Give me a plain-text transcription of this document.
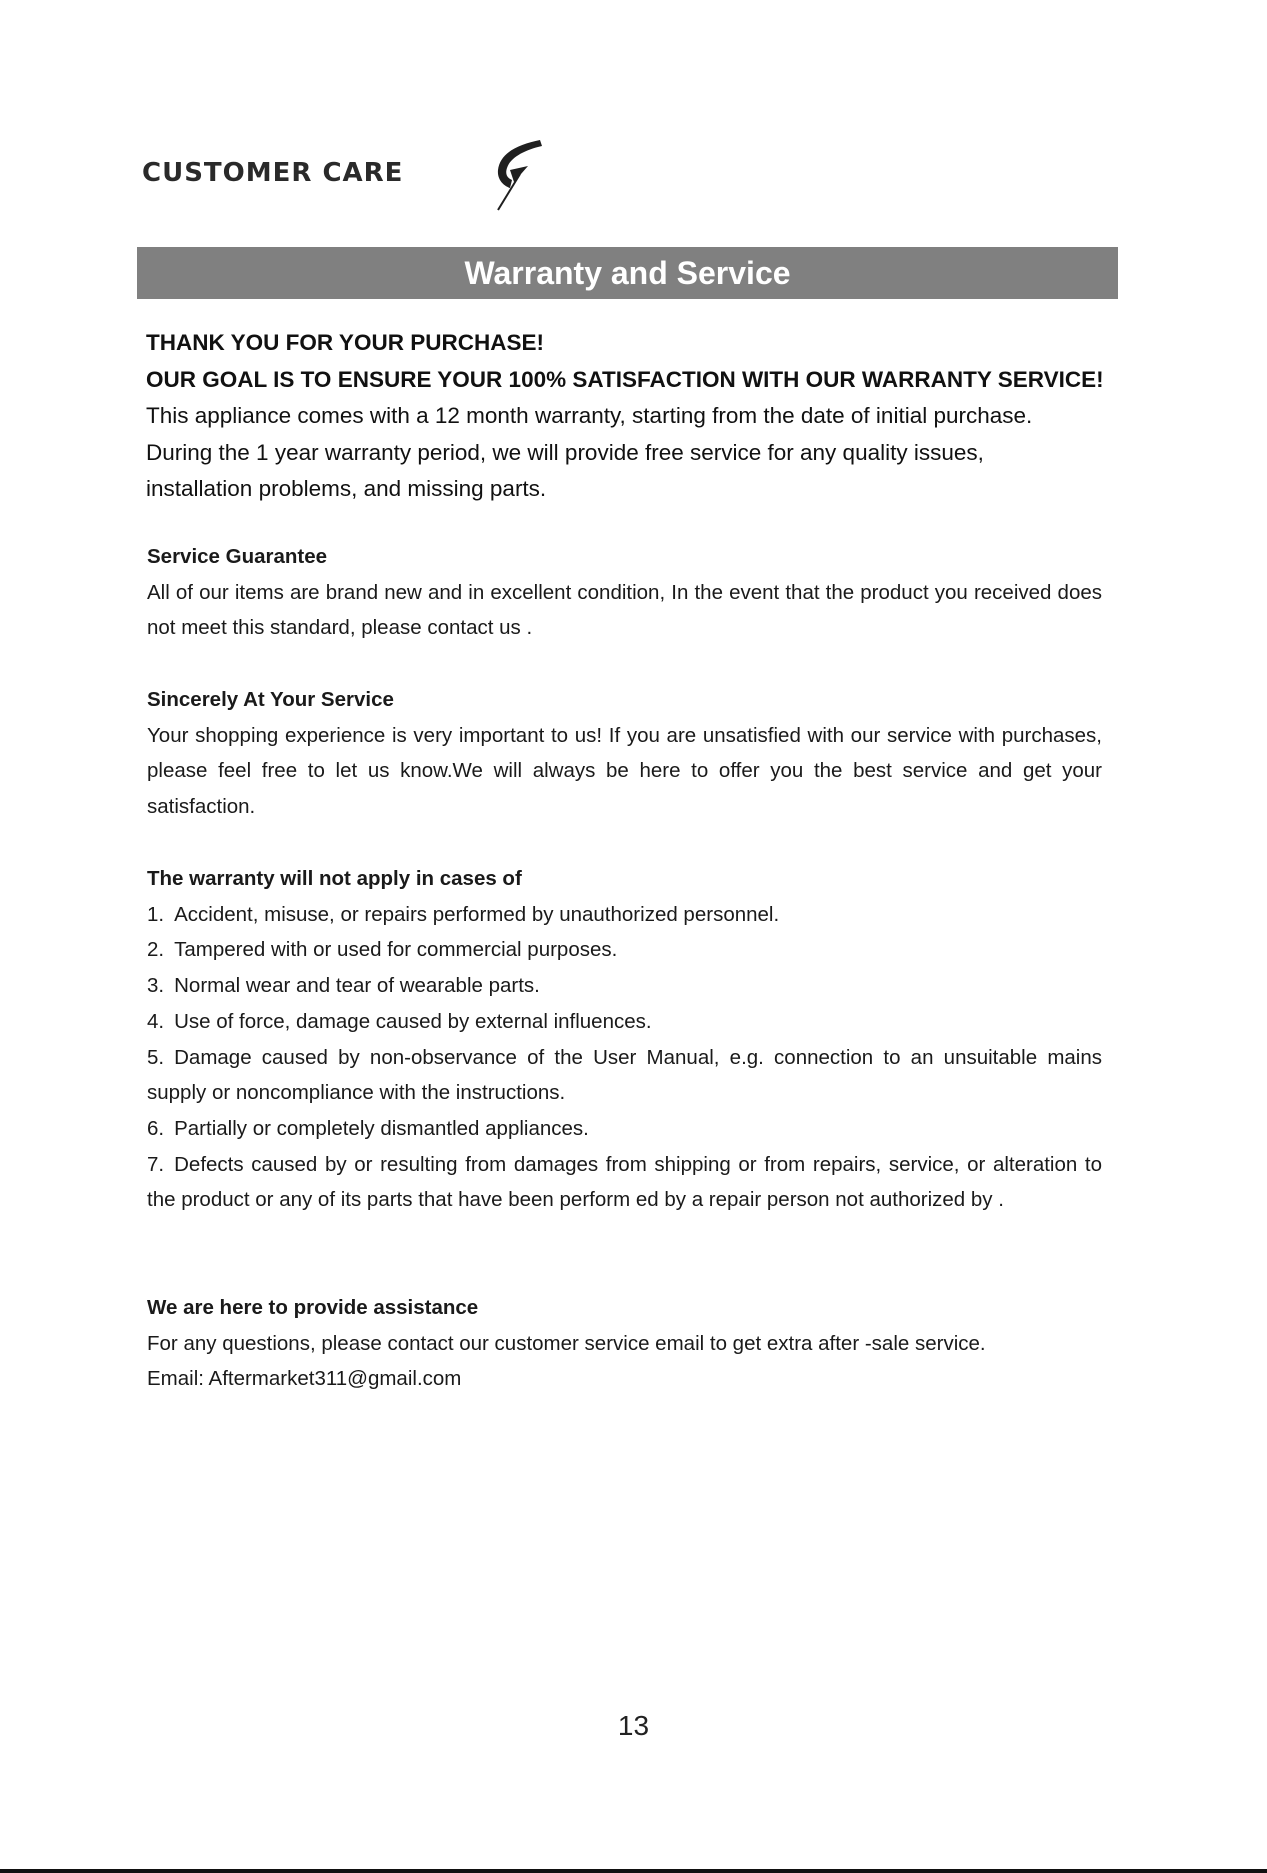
CUSTOMER CARE
Warranty and Service
THANK YOU FOR YOUR PURCHASE!
OUR GOAL IS TO ENSURE YOUR 100% SATISFACTION WITH OUR WARRANTY SERVICE!
This appliance comes with a 12 month warranty, starting from the date of initial purchase.
During the 1 year warranty period, we will provide free service for any quality issues,
installation problems, and missing parts.
Service Guarantee

All of our items are brand new and in excellent condition, In the event that the product you received does not meet this standard, please contact us .

Sincerely At Your Service

Your shopping experience is very important to us! If you are unsatisfied with our service with purchases, please feel free to let us know.We will always be here to offer you the best service and get your satisfaction.

The warranty will not apply in cases of
1. Accident, misuse, or repairs performed by unauthorized personnel.
2. Tampered with or used for commercial purposes.
3. Normal wear and tear of wearable parts.
4. Use of force, damage caused by external influences.
5. Damage caused by non-observance of the User Manual, e.g. connection to an unsuitable mains supply or noncompliance with the instructions.
6. Partially or completely dismantled appliances.
7. Defects caused by or resulting from damages from shipping or from repairs, service, or alteration to the product or any of its parts that have been perform ed by a repair person not authorized by .
We are here to provide assistance

For any questions, please contact our customer service email to get extra after -sale service.

Email: Aftermarket311@gmail.com

13
